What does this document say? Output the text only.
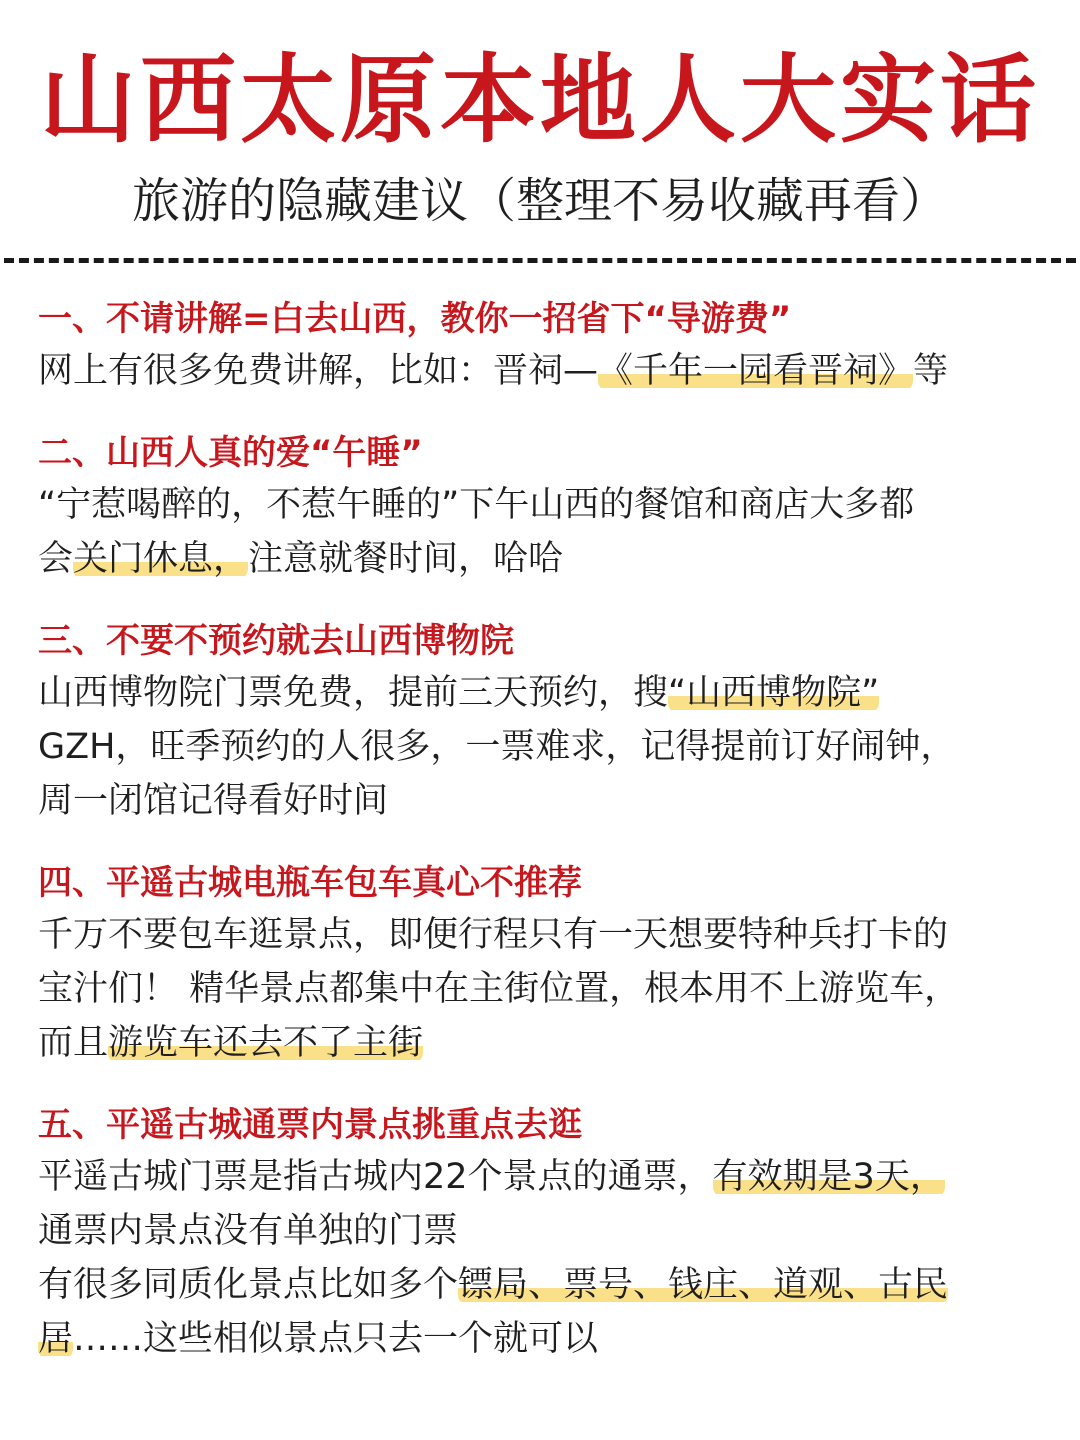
山西太原本地人大实话
旅游的隐藏建议（整理不易收藏再看）
一、不请讲解=白去山西，教你一招省下“导游费”
网上有很多免费讲解，比如：晋祠—《千年一园看晋祠》等
二、山西人真的爱“午睡”
“宁惹喝醉的，不惹午睡的”下午山西的餐馆和商店大多都
会关门休息，注意就餐时间，哈哈
三、不要不预约就去山西博物院
山西博物院门票免费，提前三天预约，搜“山西博物院”
GZH，旺季预约的人很多，一票难求，记得提前订好闹钟，
周一闭馆记得看好时间
四、平遥古城电瓶车包车真心不推荐
千万不要包车逛景点，即便行程只有一天想要特种兵打卡的
宝汁们！ 精华景点都集中在主街位置，根本用不上游览车，
而且游览车还去不了主街
五、平遥古城通票内景点挑重点去逛
平遥古城门票是指古城内22个景点的通票，有效期是3天，
通票内景点没有单独的门票
有很多同质化景点比如多个镖局、票号、钱庄、道观、古民
居……这些相似景点只去一个就可以
